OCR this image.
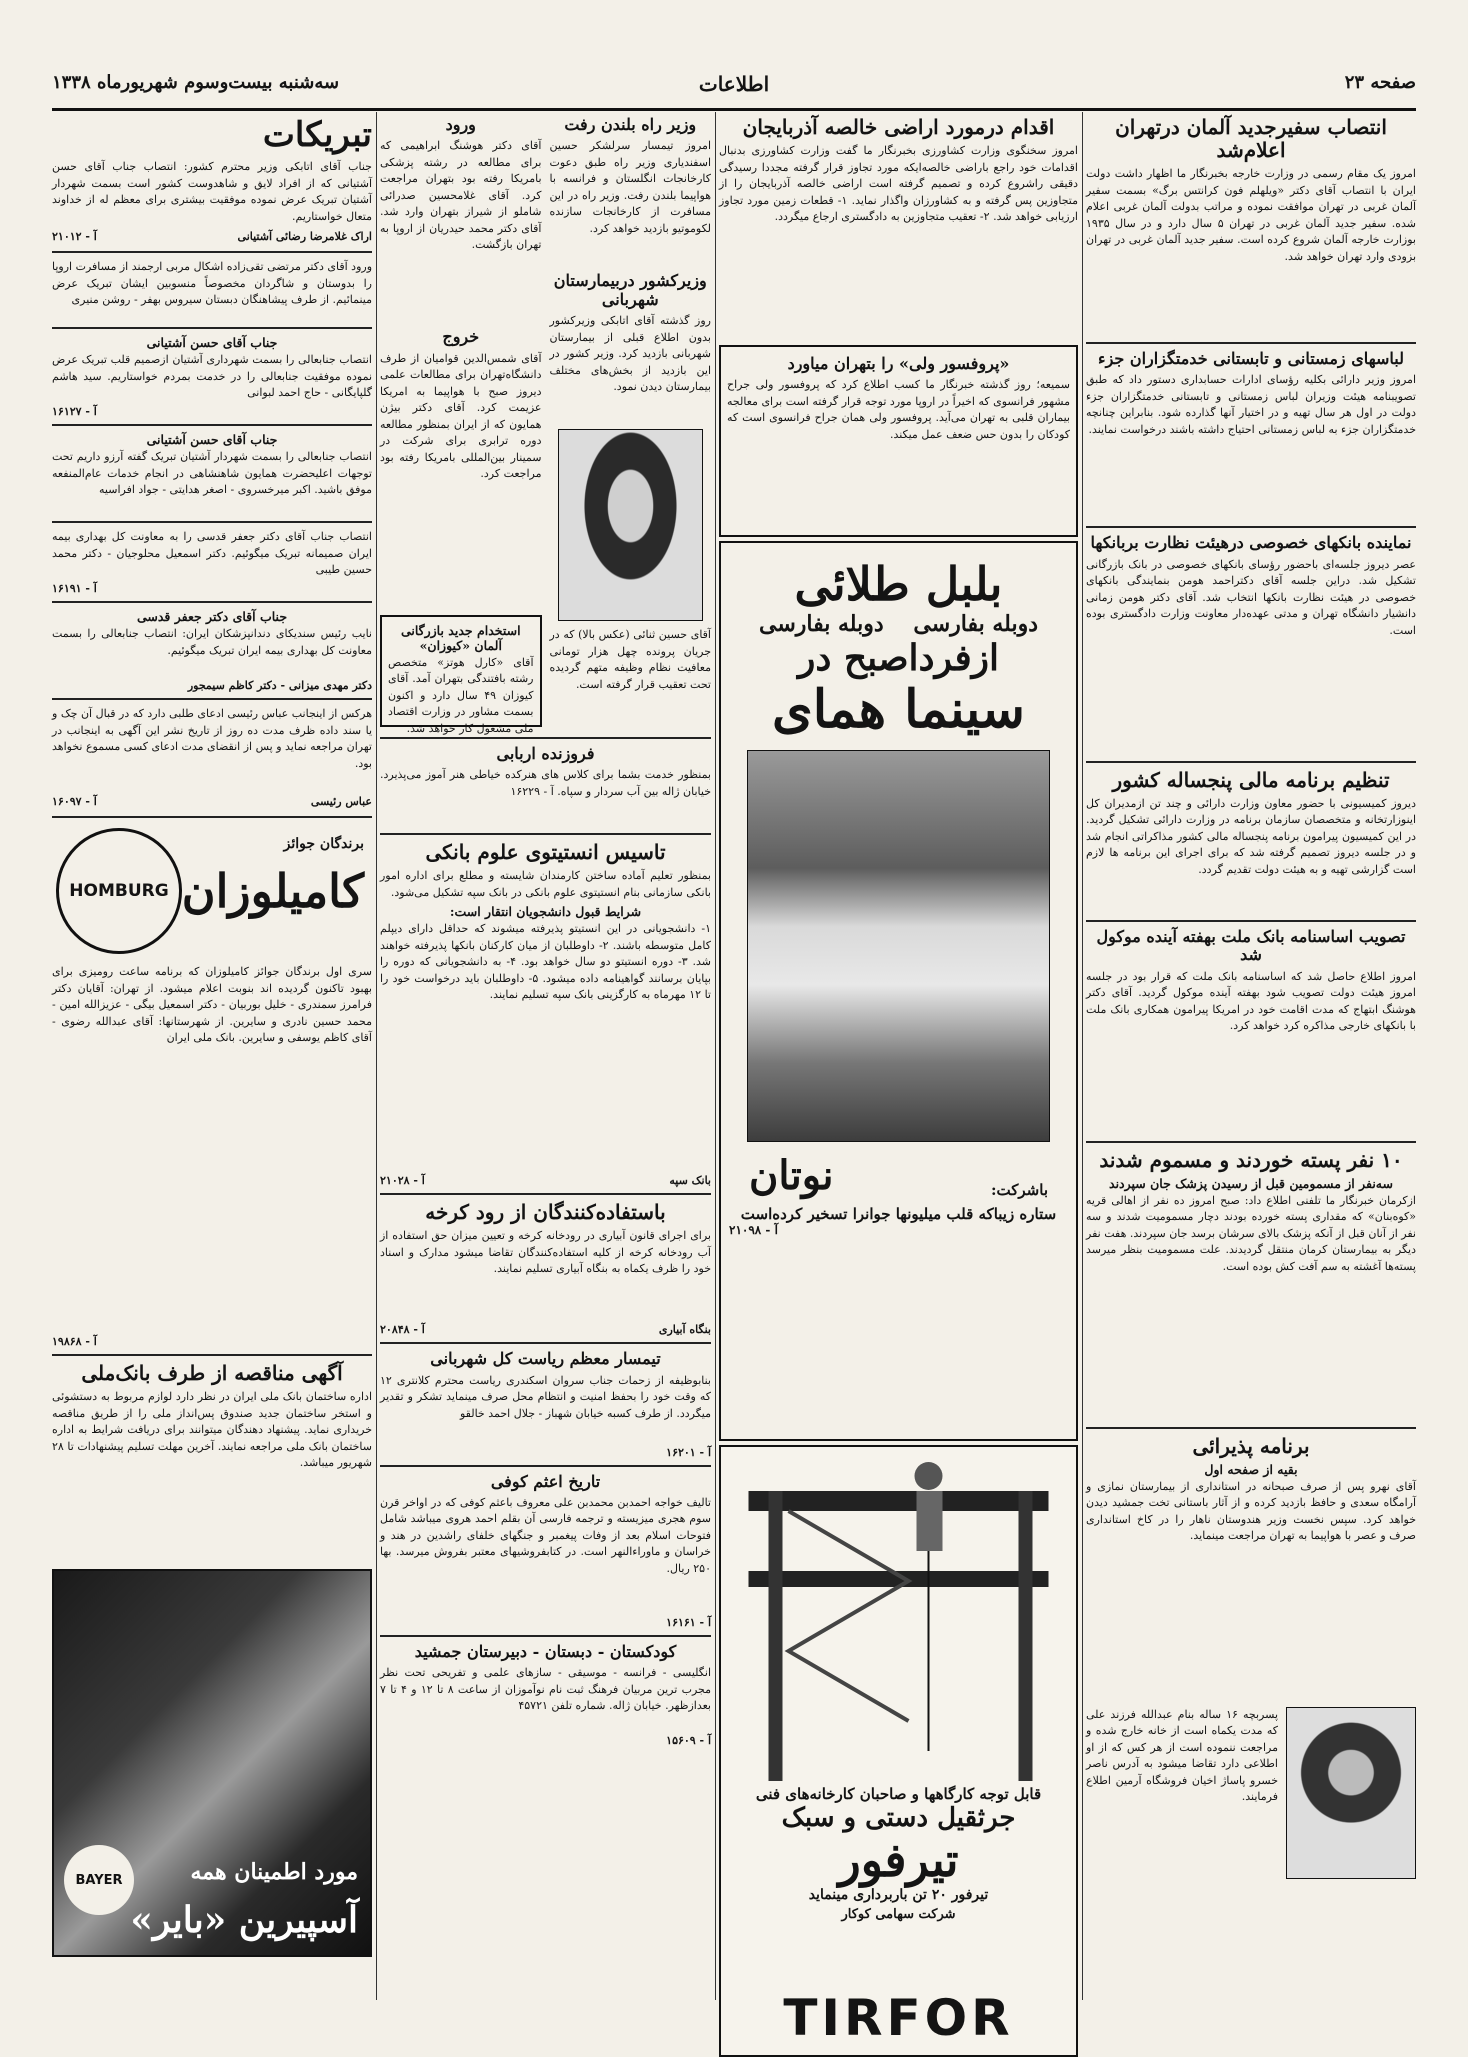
صفحه ۲۳
اطلاعات
سه‌شنبه بیست‌وسوم شهریورماه ۱۳۳۸
انتصاب سفیرجدید آلمان درتهران اعلام‌شد
امروز یک مقام رسمی در وزارت خارجه بخبرنگار ما اظهار داشت دولت ایران با انتصاب آقای دکتر «ویلهلم فون کرانتس برگ» بسمت سفیر آلمان غربی در تهران موافقت نموده و مراتب بدولت آلمان غربی اعلام شده. سفیر جدید آلمان غربی در تهران ۵ سال دارد و در سال ۱۹۳۵ بوزارت خارجه آلمان شروع کرده است. سفیر جدید آلمان غربی در تهران بزودی وارد تهران خواهد شد.
لباسهای زمستانی و تابستانی خدمتگزاران جزء
امروز وزیر دارائی بکلیه رؤسای ادارات حسابداری دستور داد که طبق تصویبنامه هیئت وزیران لباس زمستانی و تابستانی خدمتگزاران جزء دولت در اول هر سال تهیه و در اختیار آنها گذارده شود. بنابراین چنانچه خدمتگزاران جزء به لباس زمستانی احتیاج داشته باشند درخواست نمایند.
نماینده بانکهای خصوصی درهیئت نظارت بربانکها
عصر دیروز جلسه‌ای باحضور رؤسای بانکهای خصوصی در بانک بازرگانی تشکیل شد. دراین جلسه آقای دکتراحمد هومن بنمایندگی بانکهای خصوصی در هیئت نظارت بانکها انتخاب شد. آقای دکتر هومن زمانی دانشیار دانشگاه تهران و مدتی عهده‌دار معاونت وزارت دادگستری بوده است.
تنظیم برنامه مالی پنجساله کشور
دیروز کمیسیونی با حضور معاون وزارت دارائی و چند تن ازمدیران کل اینوزارتخانه و متخصصان سازمان برنامه در وزارت دارائی تشکیل گردید. در این کمیسیون پیرامون برنامه پنجساله مالی کشور مذاکراتی انجام شد و در جلسه دیروز تصمیم گرفته شد که برای اجرای این برنامه ها لازم است گزارشی تهیه و به هیئت دولت تقدیم گردد.
تصویب اساسنامه بانک ملت بهفته آینده موکول شد
امروز اطلاع حاصل شد که اساسنامه بانک ملت که قرار بود در جلسه امروز هیئت دولت تصویب شود بهفته آینده موکول گردید. آقای دکتر هوشنگ ابتهاج که مدت اقامت خود در امریکا پیرامون همکاری بانک ملت با بانکهای خارجی مذاکره کرد خواهد کرد.
۱۰ نفر پسته خوردند و مسموم شدند
سه‌نفر از مسمومین قبل از رسیدن پزشک جان سپردند
ازکرمان خبرنگار ما تلفنی اطلاع داد: صبح امروز ده نفر از اهالی قریه «کوه‌بنان» که مقداری پسته خورده بودند دچار مسمومیت شدند و سه نفر از آنان قبل از آنکه پزشک بالای سرشان برسد جان سپردند. هفت نفر دیگر به بیمارستان کرمان منتقل گردیدند. علت مسمومیت بنظر میرسد پسته‌ها آغشته به سم آفت کش بوده است.
برنامه پذیرائی
بقیه از صفحه اول
آقای نهرو پس از صرف صبحانه در استانداری از بیمارستان نمازی و آرامگاه سعدی و حافظ بازدید کرده و از آثار باستانی تخت جمشید دیدن خواهد کرد. سپس نخست وزیر هندوستان ناهار را در کاخ استانداری صرف و عصر با هواپیما به تهران مراجعت مینماید.
پسربچه ۱۶ ساله بنام عبدالله فرزند علی که مدت یکماه است از خانه خارج شده و مراجعت ننموده است از هر کس که از او اطلاعی دارد تقاضا میشود به آدرس ناصر خسرو پاساژ اخیان فروشگاه آرمین اطلاع فرمایند.
اقدام درمورد اراضی خالصه آذربایجان
امروز سخنگوی وزارت کشاورزی بخبرنگار ما گفت وزارت کشاورزی بدنبال اقدامات خود راجع باراضی خالصه‌ایکه مورد تجاوز قرار گرفته مجددا رسیدگی دقیقی راشروع کرده و تصمیم گرفته است اراضی خالصه آذربایجان را از متجاوزین پس گرفته و به کشاورزان واگذار نماید. ۱- قطعات زمین مورد تجاوز ارزیابی خواهد شد. ۲- تعقیب متجاوزین به دادگستری ارجاع میگردد.
«پروفسور ولی» را بتهران میاورد
سمیعه؛ روز گذشته خبرنگار ما کسب اطلاع کرد که پروفسور ولی جراح مشهور فرانسوی که اخیراً در اروپا مورد توجه قرار گرفته است برای معالجه بیماران قلبی به تهران می‌آید. پروفسور ولی همان جراح فرانسوی است که کودکان را بدون حس ضعف عمل میکند.
بلبل طلائی
دوبله بفارسی
دوبله بفارسی
ازفرداصبح در
سینما همای
باشرکت:
نوتان
ستاره زیباکه قلب میلیونها جوانرا تسخیر کرده‌است
آ - ۲۱۰۹۸
قابل توجه کارگاهها و صاحبان کارخانه‌های فنی
جرثقیل دستی و سبک
تیرفور
تیرفور ۲۰ تن باربرداری مینماید
شرکت سهامی کوکار
TIRFOR
وزیر راه بلندن رفت
امروز تیمسار سرلشکر حسین اسفندیاری وزیر راه طبق دعوت کارخانجات انگلستان و فرانسه با هواپیما بلندن رفت. وزیر راه در این مسافرت از کارخانجات سازنده لکوموتیو بازدید خواهد کرد.
وزیرکشور دربیمارستان شهربانی
روز گذشته آقای اتابکی وزیرکشور بدون اطلاع قبلی از بیمارستان شهربانی بازدید کرد. وزیر کشور در این بازدید از بخش‌های مختلف بیمارستان دیدن نمود.
آقای حسین ثنائی (عکس بالا) که در جریان پرونده چهل هزار تومانی معافیت نظام وظیفه متهم گردیده تحت تعقیب قرار گرفته است.
ورود
آقای دکتر هوشنگ ابراهیمی که برای مطالعه در رشته پزشکی بامریکا رفته بود بتهران مراجعت کرد. آقای غلامحسین صدرائی شاملو از شیراز بتهران وارد شد. آقای دکتر محمد حیدریان از اروپا به تهران بازگشت.
خروج
آقای شمس‌الدین قوامیان از طرف دانشگاه‌تهران برای مطالعات علمی دیروز صبح با هواپیما به امریکا عزیمت کرد. آقای دکتر بیژن همایون که از ایران بمنظور مطالعه دوره ترابری برای شرکت در سمینار بین‌المللی بامریکا رفته بود مراجعت کرد.
استخدام جدید بازرگانی آلمان «کیوزان»
آقای «کارل هوتز» متخصص رشته بافتندگی بتهران آمد. آقای کیوزان ۴۹ سال دارد و اکنون بسمت مشاور در وزارت اقتصاد ملی مشغول کار خواهد شد.
فروزنده اربابی
بمنظور خدمت بشما برای کلاس های هنرکده خیاطی هنر آموز می‌پذیرد. خیابان ژاله بین آب سردار و سپاه. آ - ۱۶۲۲۹
تاسیس انستیتوی علوم بانکی
بمنظور تعلیم آماده ساختن کارمندان شایسته و مطلع برای اداره امور بانکی سازمانی بنام انستیتوی علوم بانکی در بانک سپه تشکیل می‌شود.
شرایط قبول دانشجویان انتقار است:
۱- دانشجویانی در این انستیتو پذیرفته میشوند که حداقل دارای دیپلم کامل متوسطه باشند. ۲- داوطلبان از میان کارکنان بانکها پذیرفته خواهند شد. ۳- دوره انستیتو دو سال خواهد بود. ۴- به دانشجویانی که دوره را بپایان برسانند گواهینامه داده میشود. ۵- داوطلبان باید درخواست خود را تا ۱۲ مهرماه به کارگزینی بانک سپه تسلیم نمایند.
بانک سپه
آ - ۲۱۰۲۸
باستفاده‌کنندگان از رود کرخه
برای اجرای قانون آبیاری در رودخانه کرخه و تعیین میزان حق استفاده از آب رودخانه کرخه از کلیه استفاده‌کنندگان تقاضا میشود مدارک و اسناد خود را ظرف یکماه به بنگاه آبیاری تسلیم نمایند.
بنگاه آبیاری
آ - ۲۰۸۴۸
تیمسار معظم ریاست کل شهربانی
بنابوظیفه از زحمات جناب سروان اسکندری ریاست محترم کلانتری ۱۲ که وقت خود را بحفظ امنیت و انتظام محل صرف مینماید تشکر و تقدیر میگردد. از طرف کسبه خیابان شهباز - جلال احمد خالقو
آ - ۱۶۲۰۱
تاریخ اعثم کوفی
تالیف خواجه احمدبن محمدبن علی معروف باعثم کوفی که در اواخر قرن سوم هجری میزیسته و ترجمه فارسی آن بقلم احمد هروی میباشد شامل فتوحات اسلام بعد از وفات پیغمبر و جنگهای خلفای راشدین در هند و خراسان و ماوراءالنهر است. در کتابفروشیهای معتبر بفروش میرسد. بها ۲۵۰ ریال.
آ - ۱۶۱۶۱
کودکستان - دبستان - دبیرستان جمشید
انگلیسی - فرانسه - موسیقی - سازهای علمی و تفریحی تحت نظر مجرب ترین مربیان فرهنگ ثبت نام نوآموزان از ساعت ۸ تا ۱۲ و ۴ تا ۷ بعدازظهر. خیابان ژاله. شماره تلفن ۴۵۷۲۱
آ - ۱۵۶۰۹
تبریکات
جناب آقای اتابکی وزیر محترم کشور: انتصاب جناب آقای حسن آشتیانی که از افراد لایق و شاهدوست کشور است بسمت شهردار آشتیان تبریک عرض نموده موفقیت بیشتری برای معظم له از خداوند متعال خواستاریم.
اراک غلامرضا رضائی آشتیانی
آ - ۲۱۰۱۲
ورود آقای دکتر مرتضی تقی‌زاده اشکال مربی ارجمند از مسافرت اروپا را بدوستان و شاگردان مخصوصاً منسوبین ایشان تبریک عرض مینمائیم. از طرف پیشاهنگان دبستان سیروس بهفر - روشن منیری
جناب آقای حسن آشتیانی
انتصاب جنابعالی را بسمت شهرداری آشتیان ازصمیم قلب تبریک عرض نموده موفقیت جنابعالی را در خدمت بمردم خواستاریم. سید هاشم گلپایگانی - حاج احمد لبوانی
آ - ۱۶۱۲۷
جناب آقای حسن آشتیانی
انتصاب جنابعالی را بسمت شهردار آشتیان تبریک گفته آرزو داریم تحت توجهات اعلیحضرت همایون شاهنشاهی در انجام خدمات عام‌المنفعه موفق باشید. اکبر میرخسروی - اصغر هدایتی - جواد افراسیه
انتصاب جناب آقای دکتر جعفر قدسی را به معاونت کل بهداری بیمه ایران صمیمانه تبریک میگوئیم. دکتر اسمعیل محلوجیان - دکتر محمد حسین طیبی
آ - ۱۶۱۹۱
جناب آقای دکتر جعفر قدسی
نایب رئیس سندیکای دندانپزشکان ایران: انتصاب جنابعالی را بسمت معاونت کل بهداری بیمه ایران تبریک میگوئیم.
دکتر مهدی میزانی - دکتر کاظم سیمجور
هرکس از اینجانب عباس رئیسی ادعای طلبی دارد که در قبال آن چک و یا سند داده ظرف مدت ده روز از تاریخ نشر این آگهی به اینجانب در تهران مراجعه نماید و پس از انقضای مدت ادعای کسی مسموع نخواهد بود.
عباس رئیسی
آ - ۱۶۰۹۷
HOMBURG
برندگان جوائز
کامیلوزان
سری اول برندگان جوائز کامیلوزان که برنامه ساعت رومیزی برای بهبود تاکنون گردیده اند بنوبت اعلام میشود. از تهران: آقایان دکتر فرامرز سمندری - خلیل بوربیان - دکتر اسمعیل بیگی - عزیزالله امین - محمد حسین نادری و سایرین. از شهرستانها: آقای عبدالله رضوی - آقای کاظم یوسفی و سایرین. بانک ملی ایران
آ - ۱۹۸۶۸
آگهی مناقصه از طرف بانک‌ملی
اداره ساختمان بانک ملی ایران در نظر دارد لوازم مربوط به دستشوئی و استخر ساختمان جدید صندوق پس‌انداز ملی را از طریق مناقصه خریداری نماید. پیشنهاد دهندگان میتوانند برای دریافت شرایط به اداره ساختمان بانک ملی مراجعه نمایند. آخرین مهلت تسلیم پیشنهادات تا ۲۸ شهریور میباشد.
BAYER	مورد اطمینان همه
آسپیرین «بایر»
